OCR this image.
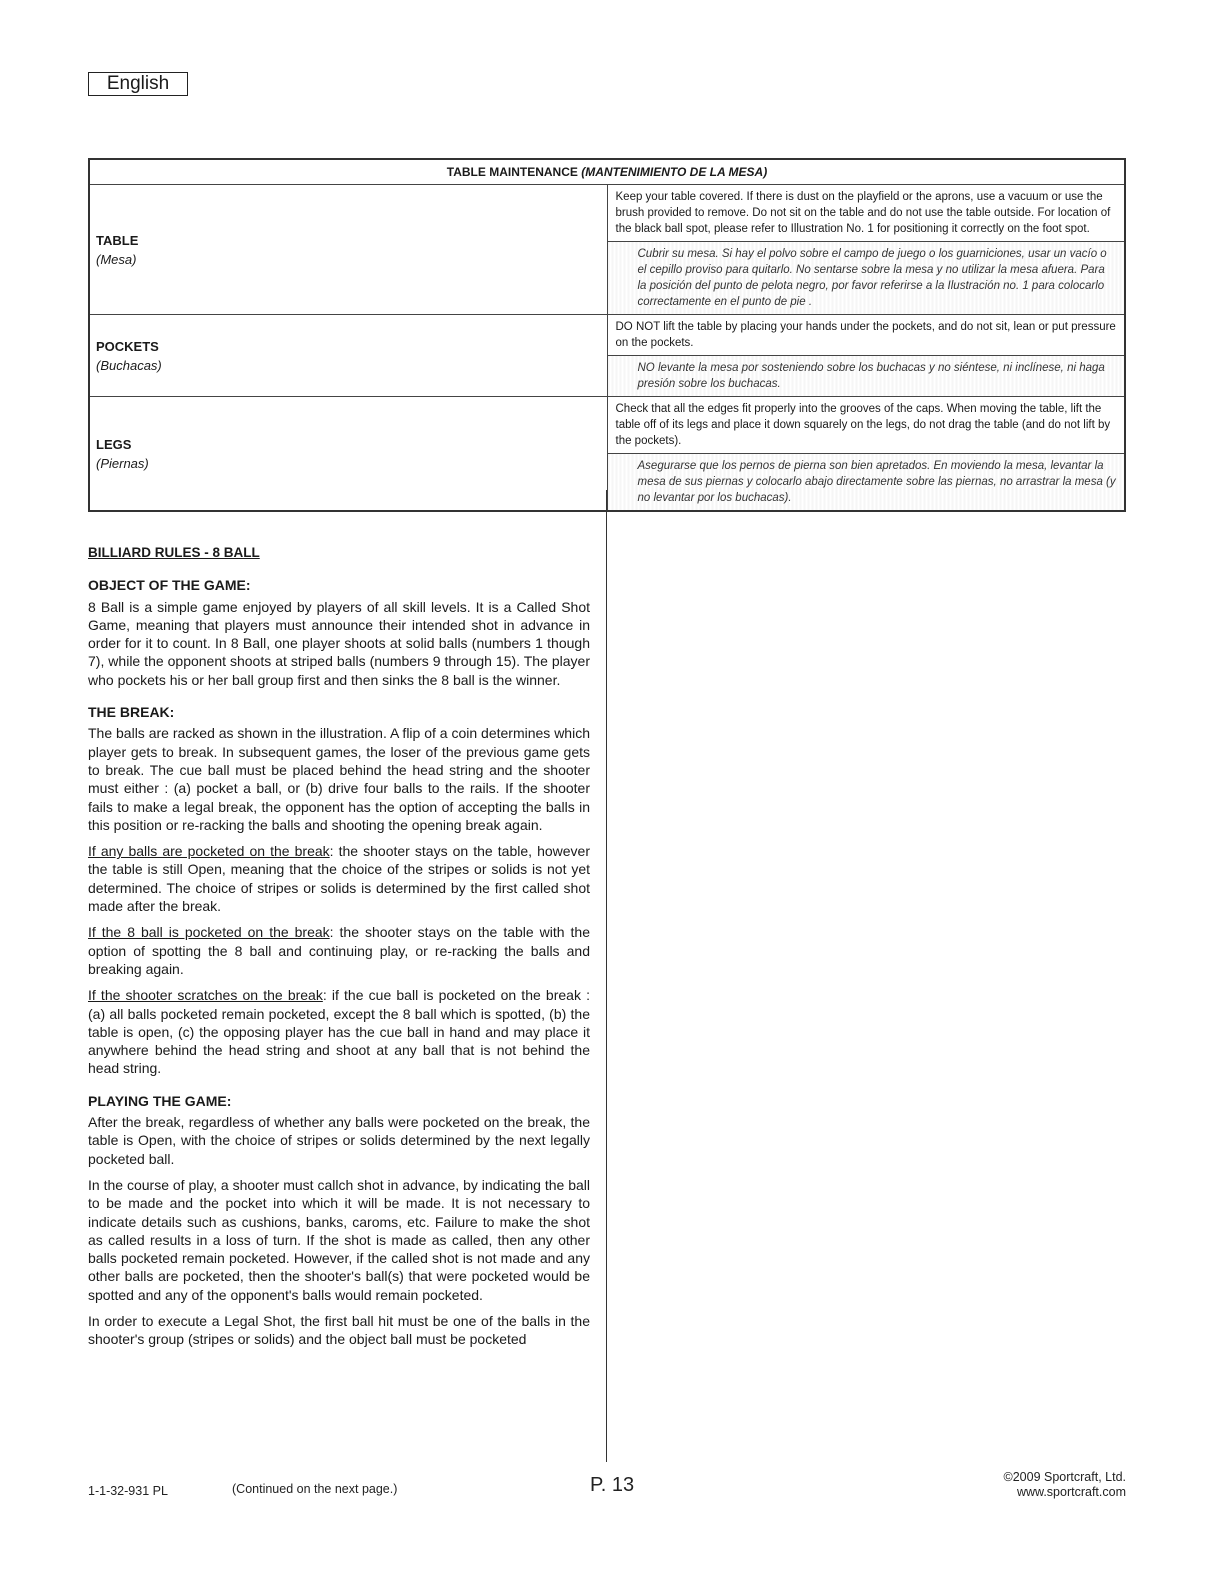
English
TABLE MAINTENANCE (MANTENIMIENTO DE LA MESA)	

TABLE
(Mesa)	Keep your table covered. If there is dust on the playfield or the aprons, use a vacuum or use the brush provided to remove. Do not sit on the table and do not use the table outside. For location of the black ball spot, please refer to Illustration No. 1 for positioning it correctly on the foot spot.
	Cubrir su mesa. Si hay el polvo sobre el campo de juego o los guarniciones, usar un vacío o el cepillo proviso para quitarlo. No sentarse sobre la mesa y no utilizar la mesa afuera. Para la posición del punto de pelota negro, por favor referirse a la Ilustración no. 1 para colocarlo correctamente en el punto de pie .

POCKETS
(Buchacas)	DO NOT lift the table by placing your hands under the pockets, and do not sit, lean or put pressure on the pockets.
	NO levante la mesa por sosteniendo sobre los buchacas y no siéntese, ni inclínese, ni haga presión sobre los buchacas.

LEGS
(Piernas)	Check that all the edges fit properly into the grooves of the caps. When moving the table, lift the table off of its legs and place it down squarely on the legs, do not drag the table (and do not lift by the pockets).
	Asegurarse que los pernos de pierna son bien apretados. En moviendo la mesa, levantar la mesa de sus piernas y colocarlo abajo directamente sobre las piernas, no arrastrar la mesa (y no levantar por los buchacas).

BILLIARD RULES - 8 BALL

OBJECT OF THE GAME:

8 Ball is a simple game enjoyed by players of all skill levels. It is a Called Shot Game, meaning that players must announce their intended shot in advance in order for it to count. In 8 Ball, one player shoots at solid balls (numbers 1 though 7), while the opponent shoots at striped balls (numbers 9 through 15). The player who pockets his or her ball group first and then sinks the 8 ball is the winner.

THE BREAK:

The balls are racked as shown in the illustration. A flip of a coin determines which player gets to break. In subsequent games, the loser of the previous game gets to break. The cue ball must be placed behind the head string and the shooter must either : (a) pocket a ball, or (b) drive four balls to the rails. If the shooter fails to make a legal break, the opponent has the option of accepting the balls in this position or re-racking the balls and shooting the opening break again.

If any balls are pocketed on the break: the shooter stays on the table, however the table is still Open, meaning that the choice of the stripes or solids is not yet determined. The choice of stripes or solids is determined by the first called shot made after the break.

If the 8 ball is pocketed on the break: the shooter stays on the table with the option of spotting the 8 ball and continuing play, or re-racking the balls and breaking again.

If the shooter scratches on the break: if the cue ball is pocketed on the break : (a) all balls pocketed remain pocketed, except the 8 ball which is spotted, (b) the table is open, (c) the opposing player has the cue ball in hand and may place it anywhere behind the head string and shoot at any ball that is not behind the head string.

PLAYING THE GAME:

After the break, regardless of whether any balls were pocketed on the break, the table is Open, with the choice of stripes or solids determined by the next legally pocketed ball.

In the course of play, a shooter must callch shot in advance, by indicating the ball to be made and the pocket into which it will be made. It is not necessary to indicate details such as cushions, banks, caroms, etc. Failure to make the shot as called results in a loss of turn. If the shot is made as called, then any other balls pocketed remain pocketed. However, if the called shot is not made and any other balls are pocketed, then the shooter's ball(s) that were pocketed would be spotted and any of the opponent's balls would remain pocketed.

In order to execute a Legal Shot, the first ball hit must be one of the balls in the shooter's group (stripes or solids) and the object ball must be pocketed

1-1-32-931 PL	(Continued on the next page.)	P. 13	©2009 Sportcraft, Ltd.
www.sportcraft.com
